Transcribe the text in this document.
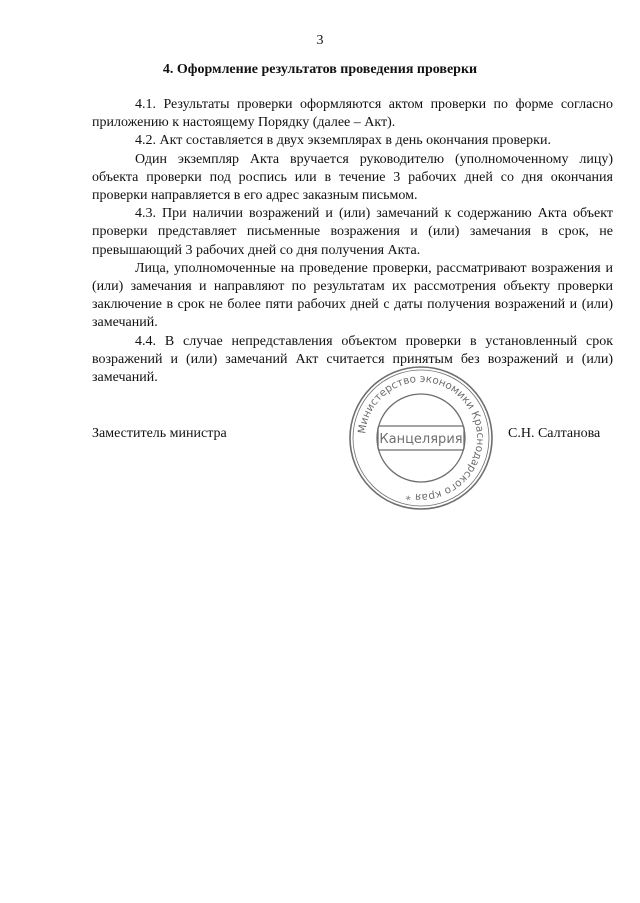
3
4. Оформление результатов проведения проверки

4.1. Результаты проверки оформляются актом проверки по форме согласно приложению к настоящему Порядку (далее – Акт).

4.2. Акт составляется в двух экземплярах в день окончания проверки.

Один экземпляр Акта вручается руководителю (уполномоченному лицу) объекта проверки под роспись или в течение 3 рабочих дней со дня окончания проверки направляется в его адрес заказным письмом.

4.3. При наличии возражений и (или) замечаний к содержанию Акта объект проверки представляет письменные возражения и (или) замечания в срок, не превышающий 3 рабочих дней со дня получения Акта.

Лица, уполномоченные на проведение проверки, рассматривают возражения и (или) замечания и направляют по результатам их рассмотрения объекту проверки заключение в срок не более пяти рабочих дней с даты получения возражений и (или) замечаний.

4.4. В случае непредставления объектом проверки в установленный срок возражений и (или) замечаний Акт считается принятым без возражений и (или) замечаний.

Заместитель министра	С.Н. Салтанова
Министерство экономики Краснодарского края *
Канцелярия
